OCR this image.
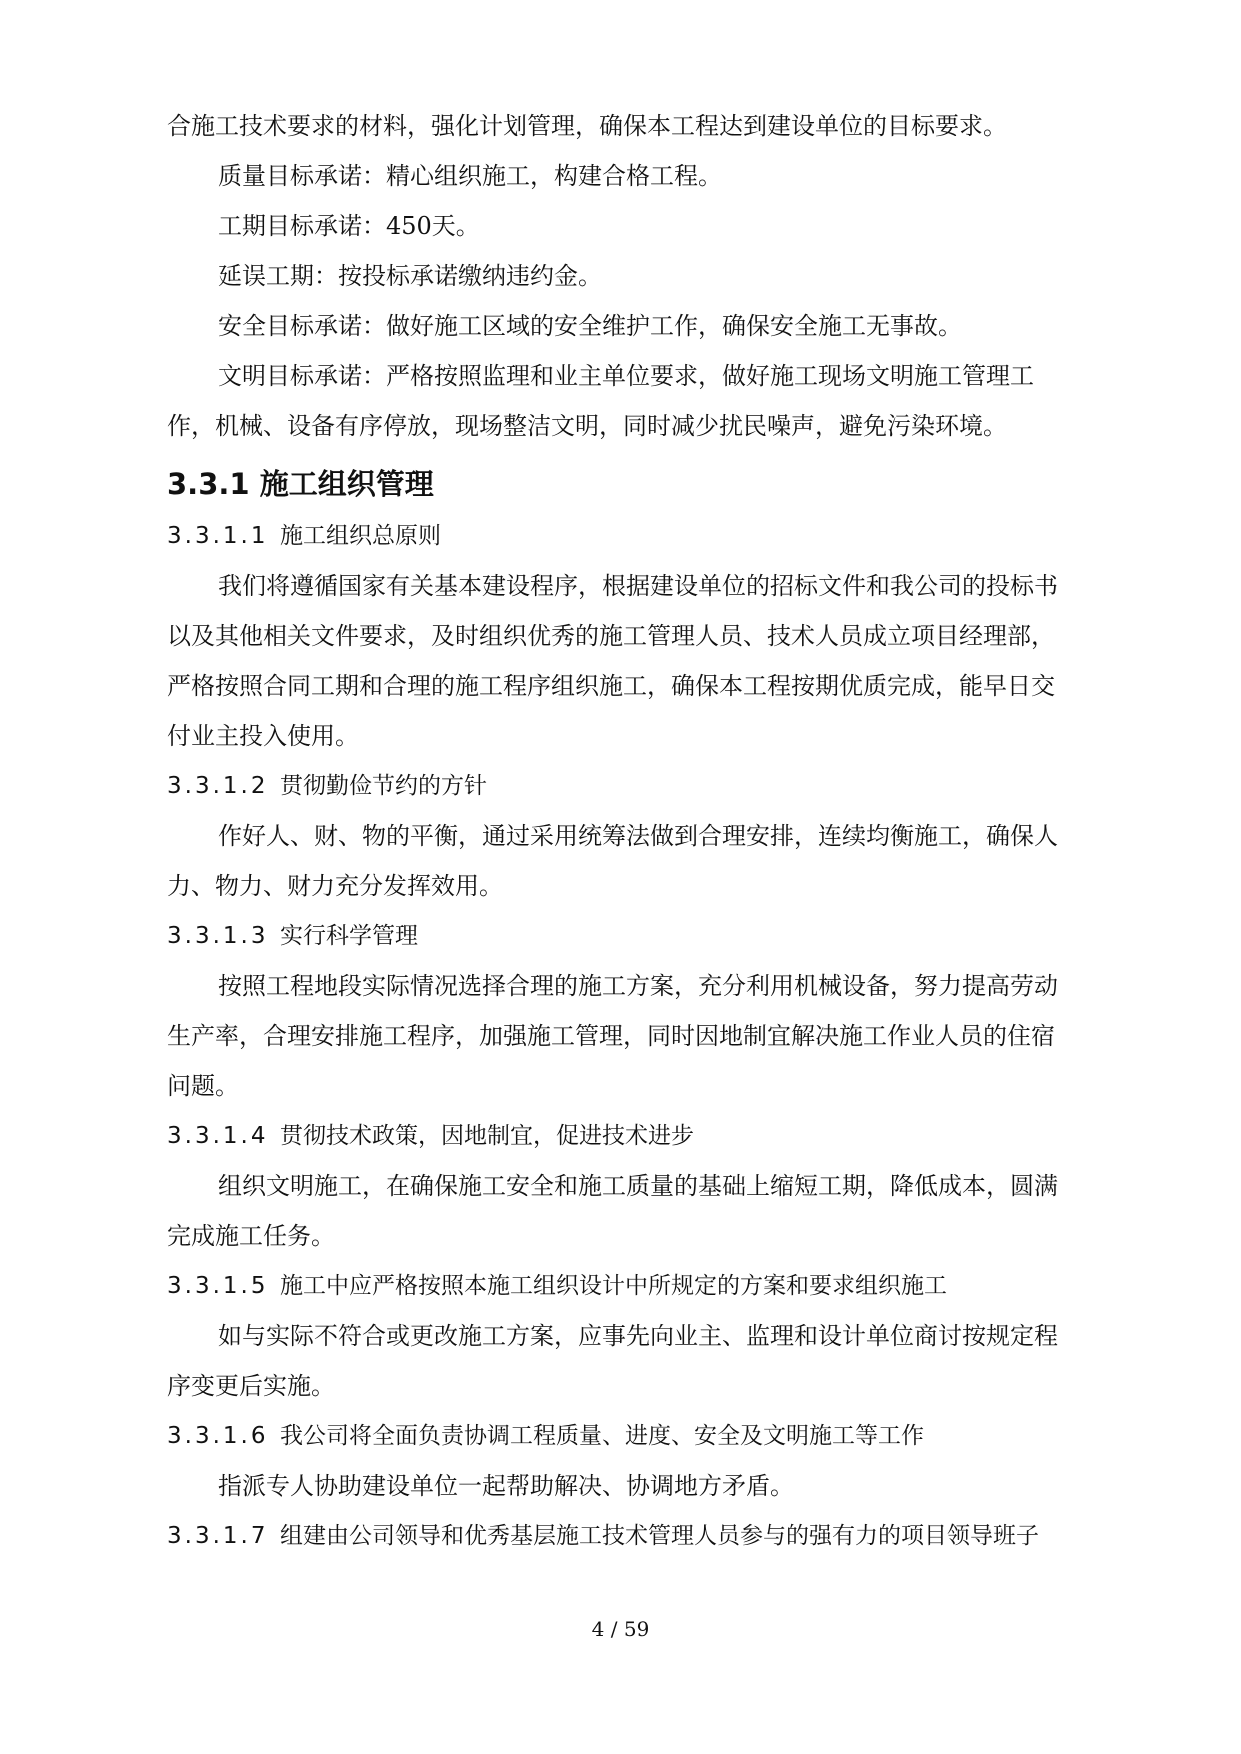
合施工技术要求的材料，强化计划管理，确保本工程达到建设单位的目标要求。

质量目标承诺：精心组织施工，构建合格工程。

工期目标承诺：450天。

延误工期：按投标承诺缴纳违约金。

安全目标承诺：做好施工区域的安全维护工作，确保安全施工无事故。

文明目标承诺：严格按照监理和业主单位要求，做好施工现场文明施工管理工作，机械、设备有序停放，现场整洁文明，同时减少扰民噪声，避免污染环境。

3.3.1 施工组织管理
3.3.1.1 施工组织总原则

我们将遵循国家有关基本建设程序，根据建设单位的招标文件和我公司的投标书以及其他相关文件要求，及时组织优秀的施工管理人员、技术人员成立项目经理部，严格按照合同工期和合理的施工程序组织施工，确保本工程按期优质完成，能早日交付业主投入使用。

3.3.1.2 贯彻勤俭节约的方针

作好人、财、物的平衡，通过采用统筹法做到合理安排，连续均衡施工，确保人力、物力、财力充分发挥效用。

3.3.1.3 实行科学管理

按照工程地段实际情况选择合理的施工方案，充分利用机械设备，努力提高劳动生产率，合理安排施工程序，加强施工管理，同时因地制宜解决施工作业人员的住宿问题。

3.3.1.4 贯彻技术政策，因地制宜，促进技术进步

组织文明施工，在确保施工安全和施工质量的基础上缩短工期，降低成本，圆满完成施工任务。

3.3.1.5 施工中应严格按照本施工组织设计中所规定的方案和要求组织施工

如与实际不符合或更改施工方案，应事先向业主、监理和设计单位商讨按规定程序变更后实施。

3.3.1.6 我公司将全面负责协调工程质量、进度、安全及文明施工等工作

指派专人协助建设单位一起帮助解决、协调地方矛盾。

3.3.1.7 组建由公司领导和优秀基层施工技术管理人员参与的强有力的项目领导班子
4 / 59
